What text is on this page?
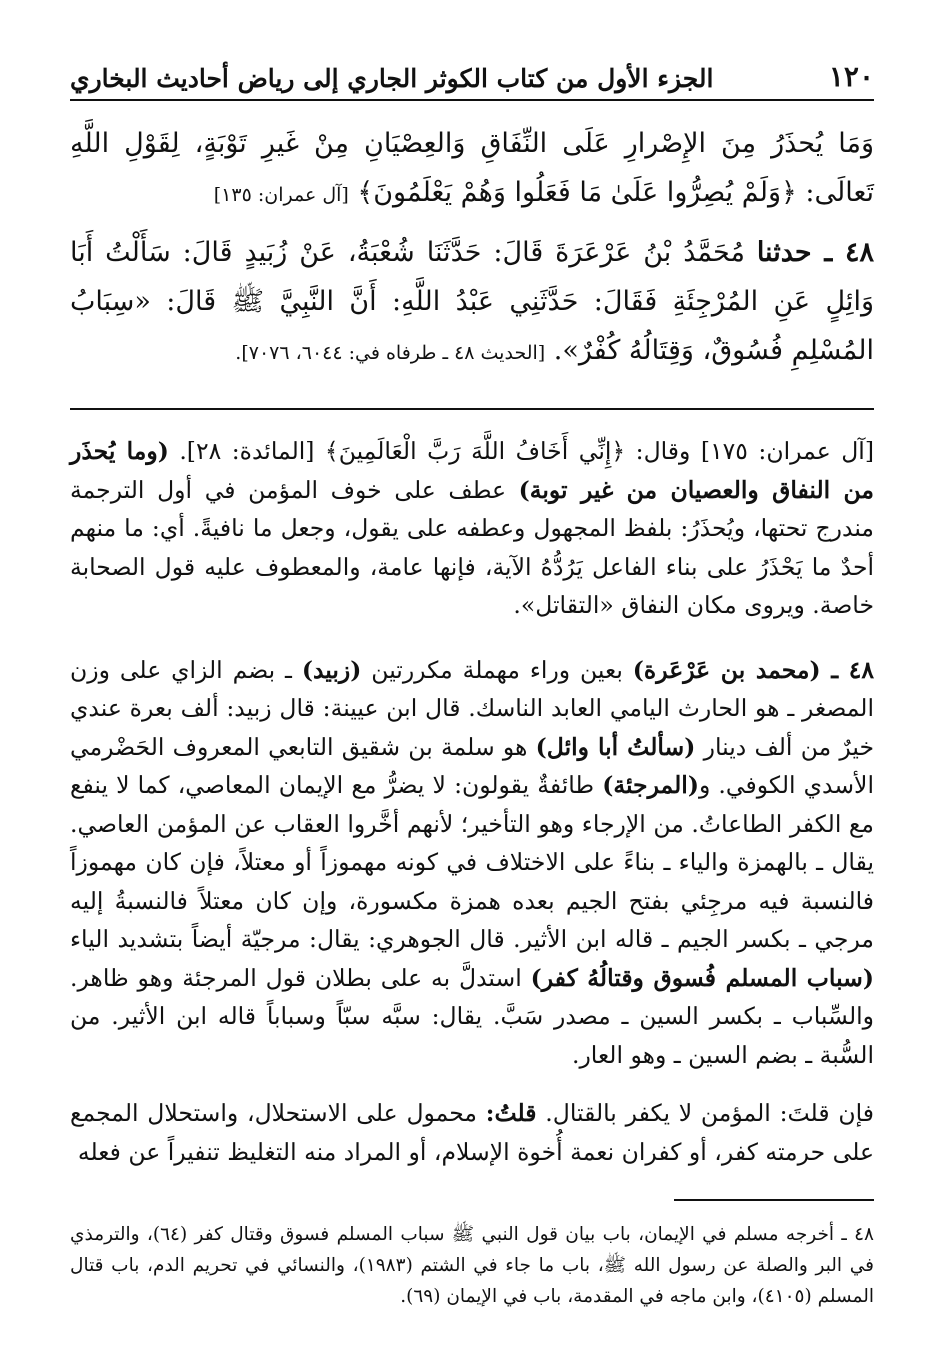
١٢٠
الجزء الأول من كتاب الكوثر الجاري إلى رياض أحاديث البخاري

وَمَا يُحذَرُ مِنَ الإِصْرارِ عَلَى النِّفَاقِ وَالعِصْيَانِ مِنْ غَيرِ تَوْبَةٍ، لِقَوْلِ اللَّهِ تَعالَى: ﴿وَلَمْ يُصِرُّوا عَلَىٰ مَا فَعَلُوا وَهُمْ يَعْلَمُونَ﴾ [آل عمران: ١٣٥]

٤٨ ـ حدثنا مُحَمَّدُ بْنُ عَرْعَرَةَ قَالَ: حَدَّثَنَا شُعْبَةُ، عَنْ زُبَيدٍ قَالَ: سَأَلْتُ أَبَا وَائِلٍ عَنِ المُرْجِئَةِ فَقَالَ: حَدَّثَنِي عَبْدُ اللَّهِ: أَنَّ النَّبِيَّ ﷺ قَالَ: «سِبَابُ المُسْلِمِ فُسُوقٌ، وَقِتَالُهُ كُفْرٌ». [الحديث ٤٨ ـ طرفاه في: ٦٠٤٤، ٧٠٧٦].

[آل عمران: ١٧٥] وقال: ﴿إِنِّي أَخَافُ اللَّهَ رَبَّ الْعَالَمِينَ﴾ [المائدة: ٢٨]. (وما يُحذَر من النفاق والعصيان من غير توبة) عطف على خوف المؤمن في أول الترجمة مندرج تحتها، ويُحذَرُ: بلفظ المجهول وعطفه على يقول، وجعل ما نافيةً. أي: ما منهم أحدٌ ما يَحْذَرُ على بناء الفاعل يَرُدُّهُ الآية، فإنها عامة، والمعطوف عليه قول الصحابة خاصة. ويروى مكان النفاق «التقاتل».

٤٨ ـ (محمد بن عَرْعَرة) بعين وراء مهملة مكررتين (زبيد) ـ بضم الزاي على وزن المصغر ـ هو الحارث اليامي العابد الناسك. قال ابن عيينة: قال زبيد: ألف بعرة عندي خيرٌ من ألف دينار (سألتُ أبا وائل) هو سلمة بن شقيق التابعي المعروف الحَضْرمي الأسدي الكوفي. و(المرجئة) طائفةٌ يقولون: لا يضرُّ مع الإيمان المعاصي، كما لا ينفع مع الكفر الطاعاتُ. من الإرجاء وهو التأخير؛ لأنهم أخَّروا العقاب عن المؤمن العاصي. يقال ـ بالهمزة والياء ـ بناءً على الاختلاف في كونه مهموزاً أو معتلاً، فإن كان مهموزاً فالنسبة فيه مرجِئي بفتح الجيم بعده همزة مكسورة، وإن كان معتلاً فالنسبةُ إليه مرجي ـ بكسر الجيم ـ قاله ابن الأثير. قال الجوهري: يقال: مرجيّة أيضاً بتشديد الياء (سباب المسلم فُسوق وقتالُهُ كفر) استدلَّ به على بطلان قول المرجئة وهو ظاهر. والسِّباب ـ بكسر السين ـ مصدر سَبَّ. يقال: سبَّه سبّاً وسباباً قاله ابن الأثير. من السُّبة ـ بضم السين ـ وهو العار.

فإن قلتَ: المؤمن لا يكفر بالقتال. قلتُ: محمول على الاستحلال، واستحلال المجمع على حرمته كفر، أو كفران نعمة أُخوة الإسلام، أو المراد منه التغليظ تنفيراً عن فعله

٤٨ ـ أخرجه مسلم في الإيمان، باب بيان قول النبي ﷺ سباب المسلم فسوق وقتال كفر (٦٤)، والترمذي في البر والصلة عن رسول الله ﷺ، باب ما جاء في الشتم (١٩٨٣)، والنسائي في تحريم الدم، باب قتال المسلم (٤١٠٥)، وابن ماجه في المقدمة، باب في الإيمان (٦٩).
